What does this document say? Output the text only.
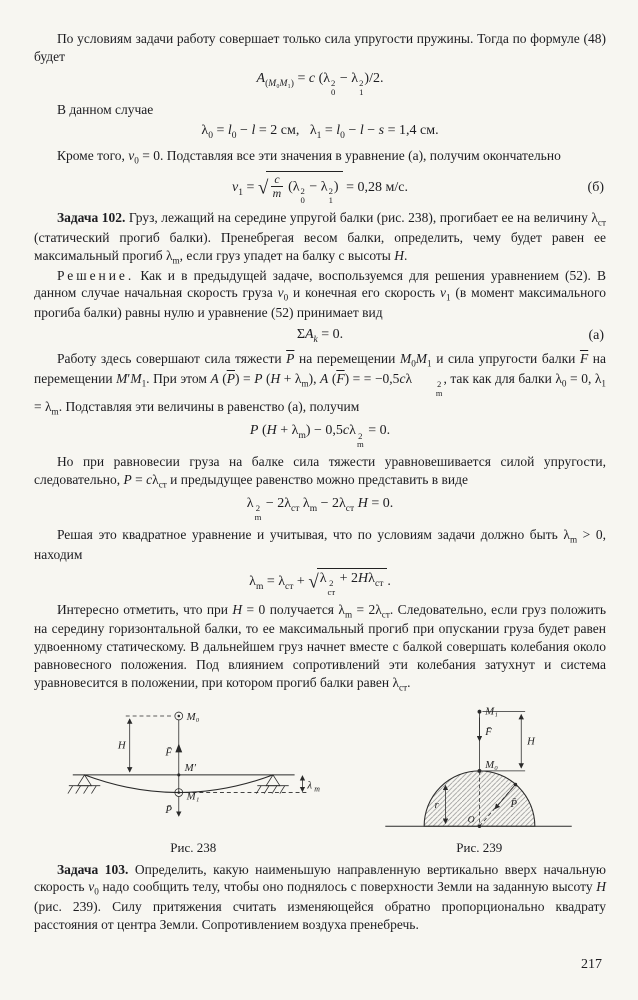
По условиям задачи работу совершает только сила упругости пружины. Тогда по формуле (48) будет

$A_{(M_0M_1)} = c$ (λ 2
0
− λ 2
1
)/2.

В данном случае

$\lambda_0 = l_0 - l = 2$ см,   $\lambda_1 = l_0 - l - s = 1,4$ см.

Кроме того, $v_0 = 0$. Подставляя все эти значения в уравнение (а), получим окончательно

$v_1$ = √ $\frac{c}{m} (\lambda$ 2
0
− λ 2
1
) = 0,28 м/с.	(б)

Задача 102. Груз, лежащий на середине упругой балки (рис. 238), прогибает ее на величину $\lambda_{ст}$ (статический прогиб балки). Пренебрегая весом балки, определить, чему будет равен ее максимальный прогиб $\lambda_m$, если груз упадет на балку с высоты H.

Решение. Как и в предыдущей задаче, воспользуемся для решения уравнением (52). В данном случае начальная скорость груза $v_0$ и конечная его скорость $v_1$ (в момент максимального прогиба балки) равны нулю и уравнение (52) принимает вид

$\Sigma A_k = 0$.	(а)

Работу здесь совершают сила тяжести $\overline{P}$ на перемещении $M_0M_1$ и сила упругости балки $\overline{F}$ на перемещении $M'M_1$. При этом A $(\overline{P}) = P$ $(H + \lambda_m)$, A $(\overline{F})$ = = −0,5cλ	2
m
, так как для балки $\lambda_0 = 0$, $\lambda_1 = \lambda_m$. Подставляя эти величины в равенство (а), получим

P $(H + \lambda_m) - 0,5c\lambda$ 2
m
= 0.

Но при равновесии груза на балке сила тяжести уравновешивается силой упругости, следовательно, $P = c\lambda_{ст}$ и предыдущее равенство можно представить в виде

λ 2
m
− $2\lambda_{ст}$ $\lambda_m - 2\lambda_{ст}$ H = 0.

Решая это квадратное уравнение и учитывая, что по условиям задачи должно быть $\lambda_m > 0$, находим

$\lambda_m = \lambda_{ст}$ + √ λ 2
ст
+ $2H\lambda_{ст}$ .

Интересно отметить, что при H = 0 получается $\lambda_m = 2\lambda_{ст}$. Следовательно, если груз положить на середину горизонтальной балки, то ее максимальный прогиб при опускании груза будет равен удвоенному статическому. В дальнейшем груз начнет вместе с балкой совершать колебания около равновесного положения. Под влиянием сопротивлений эти колебания затухнут и система уравновесится в положении, при котором прогиб балки равен $\lambda_{ст}$.

M₀
H
F̄
M′
M₁
P̄
λ m
Рис. 238
M₁
F̄
M₀
H
r	P̄
O
Рис. 239

Задача 103. Определить, какую наименьшую направленную вертикально вверх начальную скорость $v_0$ надо сообщить телу, чтобы оно поднялось с поверхности Земли на заданную высоту H (рис. 239). Силу притяжения считать изменяющейся обратно пропорционально квадрату расстояния от центра Земли. Сопротивлением воздуха пренебречь.

217
